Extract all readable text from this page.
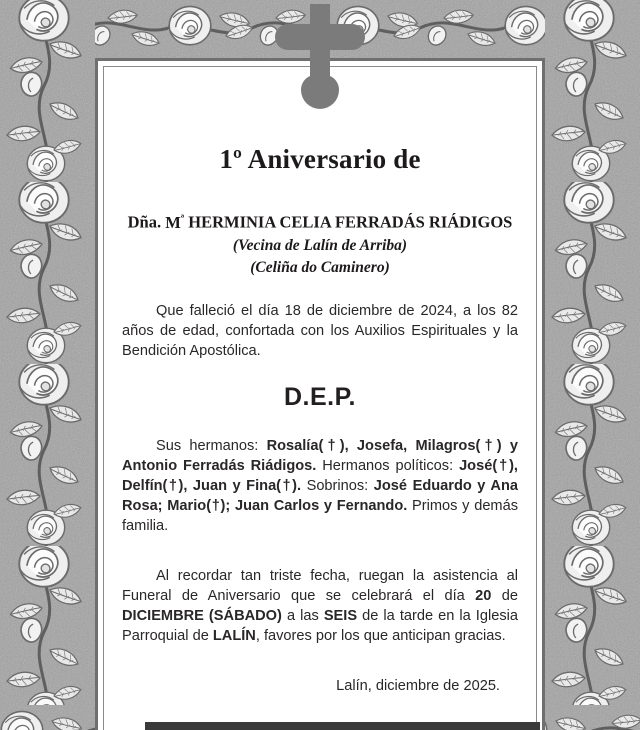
1º Aniversario de
Dña. $M^ª$ HERMINIA CELIA FERRADÁS RIÁDIGOS
(Vecina de Lalín de Arriba)
(Celiña do Caminero)
Que falleció el día 18 de diciembre de 2024, a los 82 años de edad, confortada con los Auxilios Espirituales y la Bendición Apostólica.
D.E.P.
Sus hermanos: Rosalía(†), Josefa, Milagros(†) y Antonio Ferradás Riádigos. Hermanos políticos: José(†), Delfín(†), Juan y Fina(†). Sobrinos: José Eduardo y Ana Rosa; Mario(†); Juan Carlos y Fernando. Primos y demás familia.
Al recordar tan triste fecha, ruegan la asistencia al Funeral de Aniversario que se celebrará el día 20 de DICIEMBRE (SÁBADO) a las SEIS de la tarde en la Iglesia Parroquial de LALÍN, favores por los que anticipan gracias.
Lalín, diciembre de 2025.
